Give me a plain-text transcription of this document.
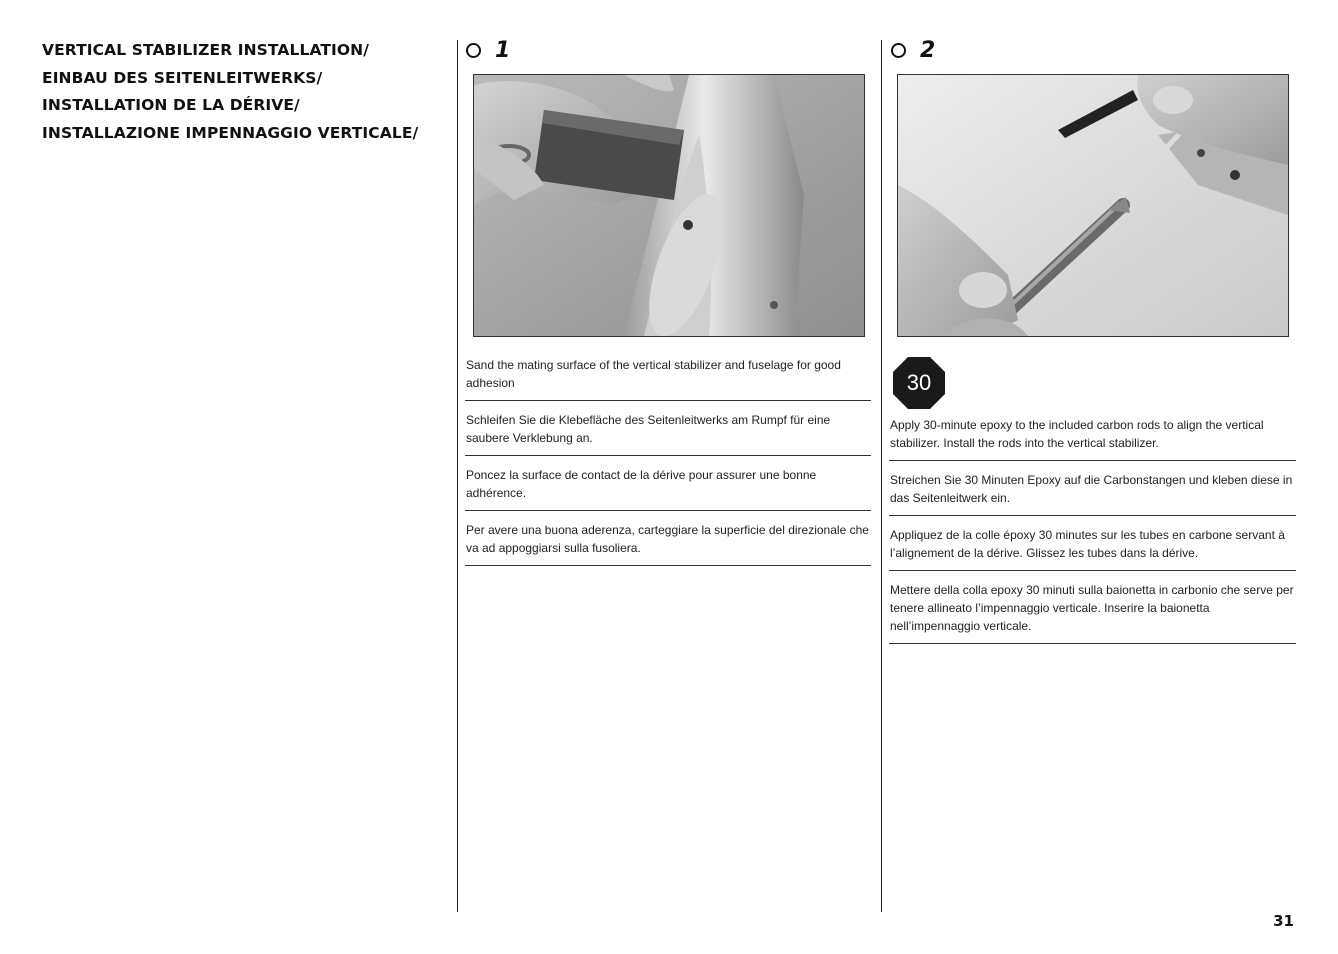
VERTICAL STABILIZER INSTALLATION/
EINBAU DES SEITENLEITWERKS/
INSTALLATION DE LA DÉRIVE/
INSTALLAZIONE IMPENNAGGIO VERTICALE/
1
Sand the mating surface of the vertical stabilizer and fuselage for good adhesion
Schleifen Sie die Klebefläche des Seitenleitwerks am Rumpf für eine saubere Verklebung an.
Poncez la surface de contact de la dérive pour assurer une bonne adhérence.
Per avere una buona aderenza, carteggiare la superficie del direzionale che va ad appoggiarsi sulla fusoliera.
2
30
Apply 30-minute epoxy to the included carbon rods to align the vertical stabilizer. Install the rods into the vertical stabilizer.
Streichen Sie 30 Minuten Epoxy auf die Carbonstangen und kleben diese in das Seitenleitwerk ein.
Appliquez de la colle époxy 30 minutes sur les tubes en carbone servant à l’alignement de la dérive. Glissez les tubes dans la dérive.
Mettere della colla epoxy 30 minuti sulla baionetta in carbonio che serve per tenere allineato l’impennaggio verticale. Inserire la baionetta nell’impennaggio verticale.
31
